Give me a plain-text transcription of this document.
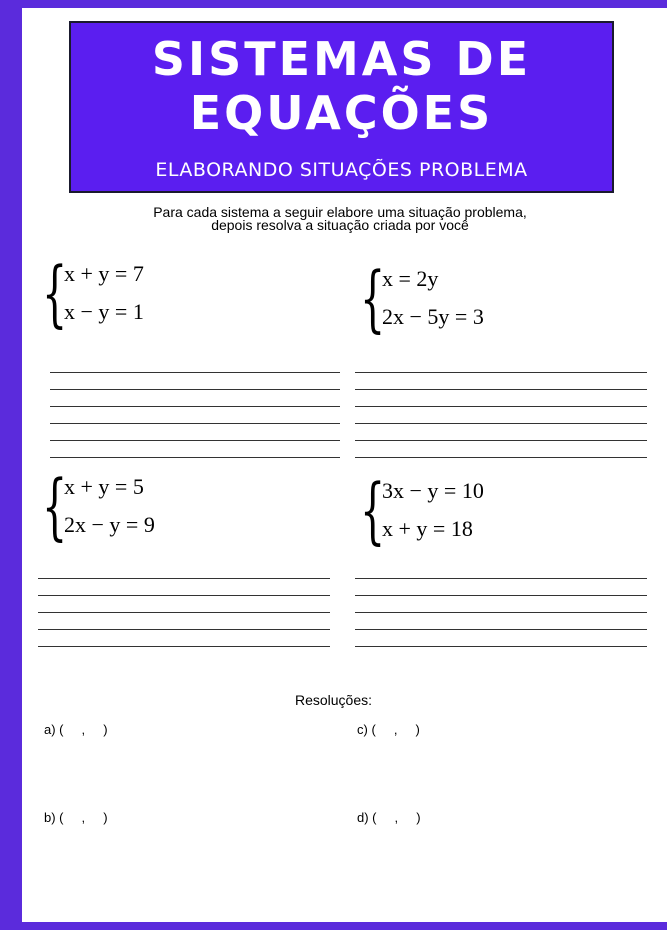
SISTEMAS DE
EQUAÇÕES
ELABORANDO SITUAÇÕES PROBLEMA
Para cada sistema a seguir elabore uma situação problema,
depois resolva a situação criada por você
{
x + y = 7
x − y = 1	{
x = 2y
2x − 5y = 3
{
x + y = 5
2x − y = 9	{
3x − y = 10
x + y = 18
Resoluções:
a) (     ,     )	c) (     ,     )
b) (     ,     )	d) (     ,     )
